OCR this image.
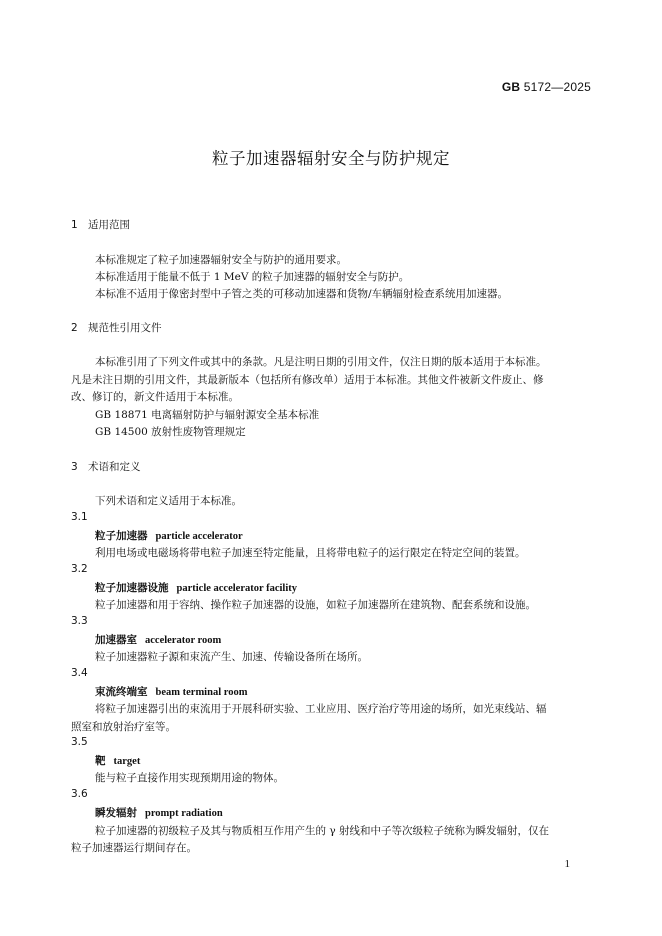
GB 5172—2025
粒子加速器辐射安全与防护规定
1 适用范围
本标准规定了粒子加速器辐射安全与防护的通用要求。
本标准适用于能量不低于 1 MeV 的粒子加速器的辐射安全与防护。
本标准不适用于像密封型中子管之类的可移动加速器和货物/车辆辐射检查系统用加速器。
2 规范性引用文件
本标准引用了下列文件或其中的条款。凡是注明日期的引用文件，仅注日期的版本适用于本标准。
凡是未注日期的引用文件，其最新版本（包括所有修改单）适用于本标准。其他文件被新文件废止、修
改、修订的，新文件适用于本标准。
GB 18871 电离辐射防护与辐射源安全基本标准
GB 14500 放射性废物管理规定
3 术语和定义
下列术语和定义适用于本标准。
3.1
粒子加速器 particle accelerator
利用电场或电磁场将带电粒子加速至特定能量，且将带电粒子的运行限定在特定空间的装置。
3.2
粒子加速器设施 particle accelerator facility
粒子加速器和用于容纳、操作粒子加速器的设施，如粒子加速器所在建筑物、配套系统和设施。
3.3
加速器室 accelerator room
粒子加速器粒子源和束流产生、加速、传输设备所在场所。
3.4
束流终端室 beam terminal room
将粒子加速器引出的束流用于开展科研实验、工业应用、医疗治疗等用途的场所，如光束线站、辐
照室和放射治疗室等。
3.5
靶 target
能与粒子直接作用实现预期用途的物体。
3.6
瞬发辐射 prompt radiation
粒子加速器的初级粒子及其与物质相互作用产生的 γ 射线和中子等次级粒子统称为瞬发辐射，仅在
粒子加速器运行期间存在。
1
